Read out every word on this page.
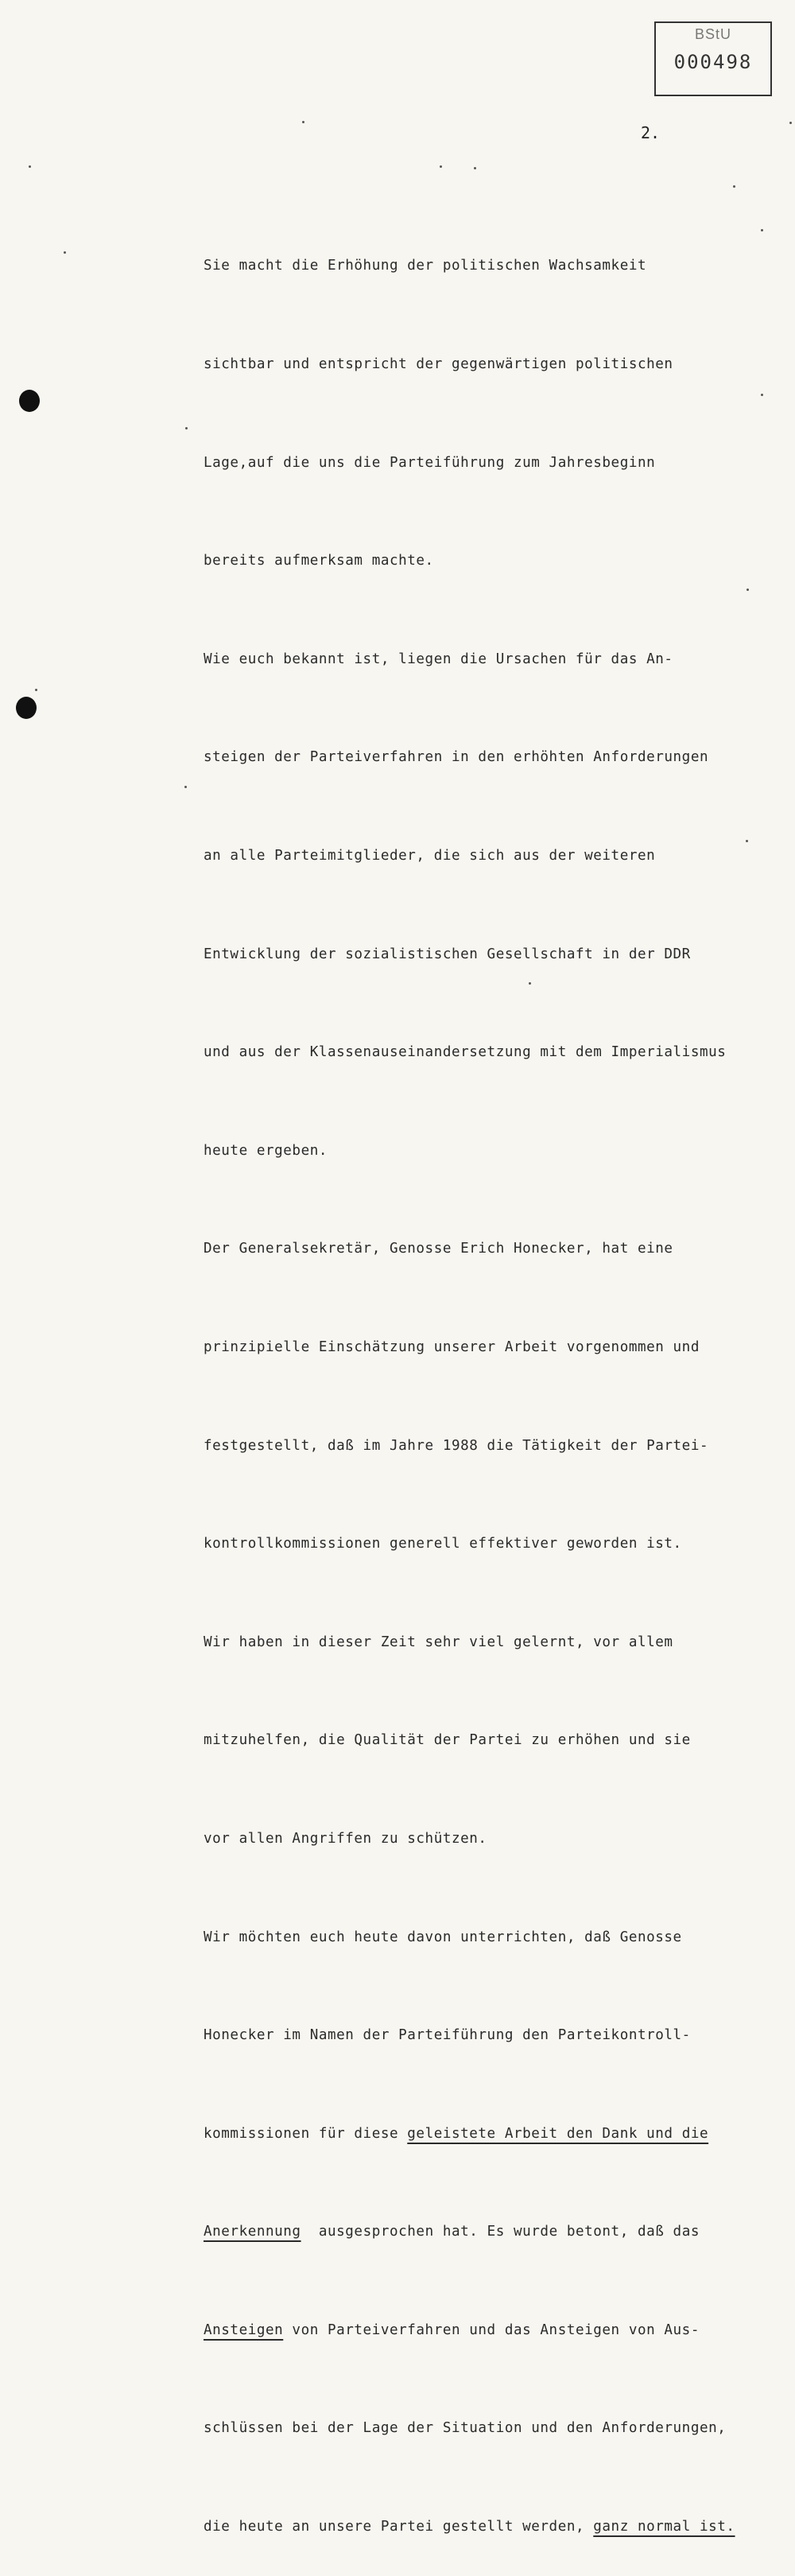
BStU
000498
2.

Sie macht die Erhöhung der politischen Wachsamkeit

sichtbar und entspricht der gegenwärtigen politischen

Lage,auf die uns die Parteiführung zum Jahresbeginn

bereits aufmerksam machte.

Wie euch bekannt ist, liegen die Ursachen für das An-

steigen der Parteiverfahren in den erhöhten Anforderungen

an alle Parteimitglieder, die sich aus der weiteren

Entwicklung der sozialistischen Gesellschaft in der DDR

und aus der Klassenauseinandersetzung mit dem Imperialismus

heute ergeben.

Der Generalsekretär, Genosse Erich Honecker, hat eine

prinzipielle Einschätzung unserer Arbeit vorgenommen und

festgestellt, daß im Jahre 1988 die Tätigkeit der Partei-

kontrollkommissionen generell effektiver geworden ist.

Wir haben in dieser Zeit sehr viel gelernt, vor allem

mitzuhelfen, die Qualität der Partei zu erhöhen und sie

vor allen Angriffen zu schützen.

Wir möchten euch heute davon unterrichten, daß Genosse

Honecker im Namen der Parteiführung den Parteikontroll-

kommissionen für diese geleistete Arbeit den Dank und die

Anerkennung  ausgesprochen hat. Es wurde betont, daß das

Ansteigen von Parteiverfahren und das Ansteigen von Aus-

schlüssen bei der Lage der Situation und den Anforderungen,

die heute an unsere Partei gestellt werden, ganz normal ist.
